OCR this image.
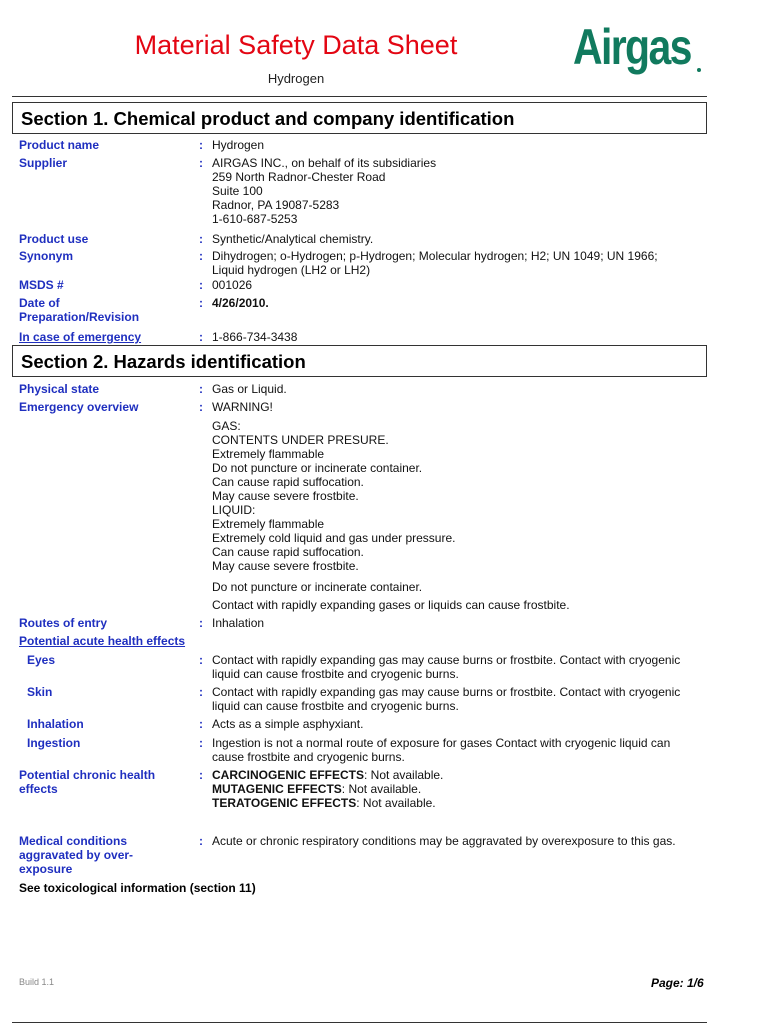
Material Safety Data Sheet
Hydrogen
Airgas
Section 1. Chemical product and company identification
Product name	: Hydrogen
Supplier	: AIRGAS INC., on behalf of its subsidiaries
259 North Radnor-Chester Road
Suite 100
Radnor, PA 19087-5283
1-610-687-5253
Product use	: Synthetic/Analytical chemistry.
Synonym	: Dihydrogen; o-Hydrogen; p-Hydrogen; Molecular hydrogen; H2; UN 1049; UN 1966;
Liquid hydrogen (LH2 or LH2)
MSDS #	: 001026
Date of
Preparation/Revision
: 4/26/2010.
In case of emergency	: 1-866-734-3438
Section 2. Hazards identification
Physical state	: Gas or Liquid.
Emergency overview	: WARNING!
GAS:
CONTENTS UNDER PRESURE.
Extremely flammable
Do not puncture or incinerate container.
Can cause rapid suffocation.
May cause severe frostbite.
LIQUID:
Extremely flammable
Extremely cold liquid and gas under pressure.
Can cause rapid suffocation.
May cause severe frostbite.
Do not puncture or incinerate container.
Contact with rapidly expanding gases or liquids can cause frostbite.
Routes of entry	: Inhalation
Potential acute health effects
Eyes	: Contact with rapidly expanding gas may cause burns or frostbite. Contact with cryogenic
liquid can cause frostbite and cryogenic burns.
Skin	: Contact with rapidly expanding gas may cause burns or frostbite. Contact with cryogenic
liquid can cause frostbite and cryogenic burns.
Inhalation	: Acts as a simple asphyxiant.
Ingestion	: Ingestion is not a normal route of exposure for gases Contact with cryogenic liquid can
cause frostbite and cryogenic burns.
Potential chronic health
effects
: CARCINOGENIC EFFECTS: Not available.
MUTAGENIC EFFECTS: Not available.
TERATOGENIC EFFECTS: Not available.
Medical conditions
aggravated by over-
exposure
: Acute or chronic respiratory conditions may be aggravated by overexposure to this gas.
See toxicological information (section 11)
Build 1.1	Page: 1/6
